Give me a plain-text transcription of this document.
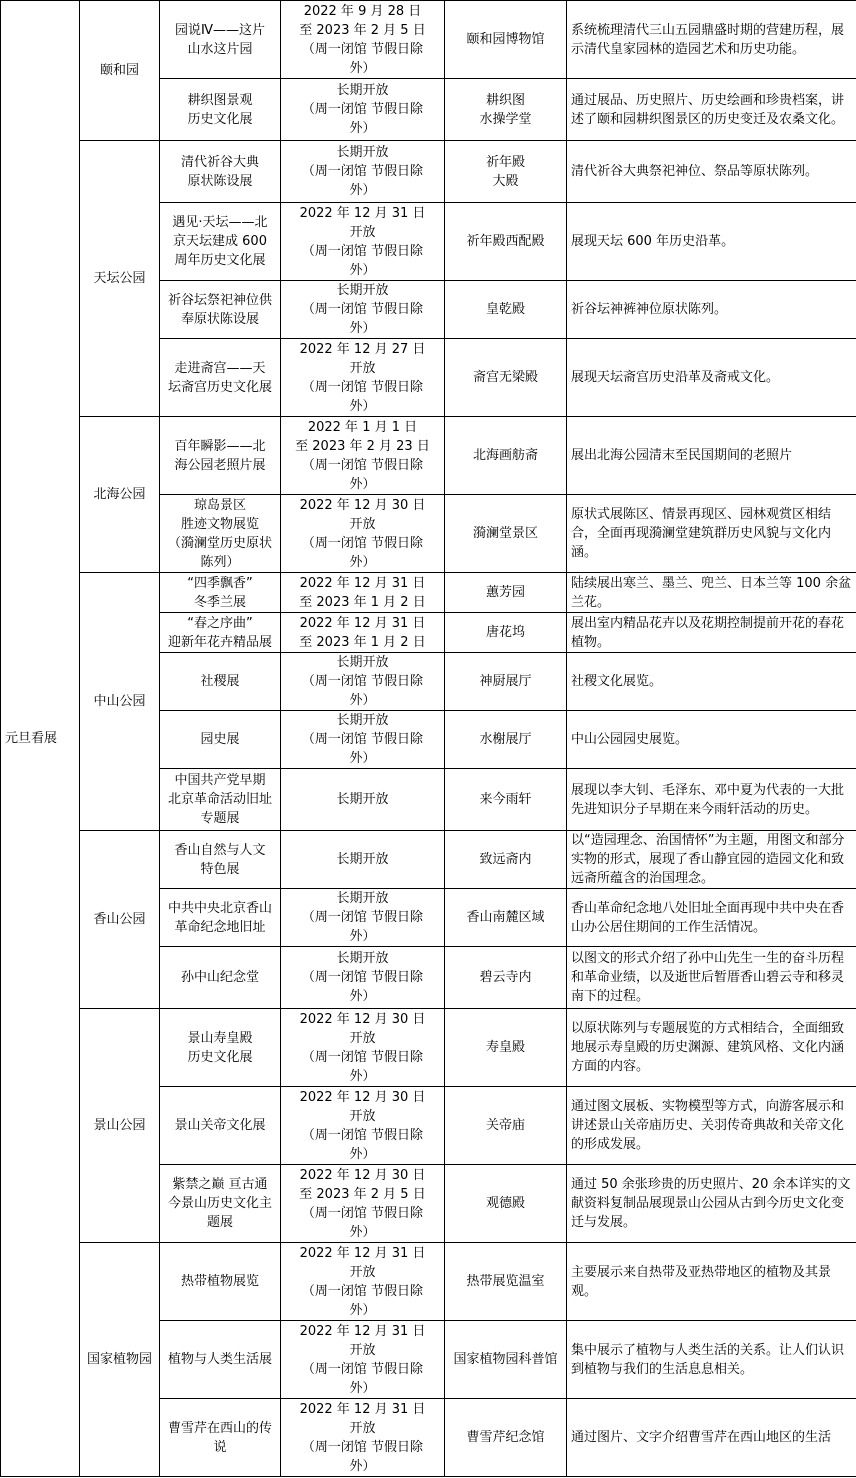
元旦看展	颐和园	园说Ⅳ——这片
山水这片园	2022 年 9 月 28 日
至 2023 年 2 月 5 日
（周一闭馆 节假日除
外）	颐和园博物馆	系统梳理清代三山五园鼎盛时期的营建历程，展示清代皇家园林的造园艺术和历史功能。

		耕织图景观
历史文化展	长期开放
（周一闭馆 节假日除
外）	耕织图
水操学堂	通过展品、历史照片、历史绘画和珍贵档案，讲述了颐和园耕织图景区的历史变迁及农桑文化。
	天坛公园	清代祈谷大典
原状陈设展	长期开放
（周一闭馆 节假日除
外）	祈年殿
大殿	清代祈谷大典祭祀神位、祭品等原状陈列。

		遇见·天坛——北
京天坛建成 600
周年历史文化展	2022 年 12 月 31 日
开放
（周一闭馆 节假日除
外）	祈年殿西配殿	展现天坛 600 年历史沿革。

		祈谷坛祭祀神位供
奉原状陈设展	长期开放
（周一闭馆 节假日除
外）	皇乾殿	祈谷坛神裤神位原状陈列。

		走进斋宫——天
坛斋宫历史文化展	2022 年 12 月 27 日
开放
（周一闭馆 节假日除
外）	斋宫无梁殿	展现天坛斋宫历史沿革及斋戒文化。
	北海公园	百年瞬影——北
海公园老照片展	2022 年 1 月 1 日
至 2023 年 2 月 23 日
（周一闭馆 节假日除
外）	北海画舫斋	展出北海公园清末至民国期间的老照片

		琼岛景区
胜迹文物展览
（漪澜堂历史原状
陈列）	2022 年 12 月 30 日
开放
（周一闭馆 节假日除
外）	漪澜堂景区	原状式展陈区、情景再现区、园林观赏区相结合，全面再现漪澜堂建筑群历史风貌与文化内涵。
	中山公园	“四季飘香”
冬季兰展	2022 年 12 月 31 日
至 2023 年 1 月 2 日	蕙芳园	陆续展出寒兰、墨兰、兜兰、日本兰等 100 余盆兰花。

		“春之序曲”
迎新年花卉精品展	2022 年 12 月 31 日
至 2023 年 1 月 2 日	唐花坞	展出室内精品花卉以及花期控制提前开花的春花植物。

		社稷展	长期开放
（周一闭馆 节假日除
外）	神厨展厅	社稷文化展览。

		园史展	长期开放
（周一闭馆 节假日除
外）	水榭展厅	中山公园园史展览。

		中国共产党早期
北京革命活动旧址
专题展	长期开放	来今雨轩	展现以李大钊、毛泽东、邓中夏为代表的一大批先进知识分子早期在来今雨轩活动的历史。
	香山公园	香山自然与人文
特色展	长期开放	致远斋内	以“造园理念、治国情怀”为主题，用图文和部分实物的形式，展现了香山静宜园的造园文化和致远斋所蕴含的治国理念。

		中共中央北京香山
革命纪念地旧址	长期开放
（周一闭馆 节假日除
外）	香山南麓区域	香山革命纪念地八处旧址全面再现中共中央在香山办公居住期间的工作生活情况。

		孙中山纪念堂	长期开放
（周一闭馆 节假日除
外）	碧云寺内	以图文的形式介绍了孙中山先生一生的奋斗历程和革命业绩，以及逝世后暂厝香山碧云寺和移灵南下的过程。
	景山公园	景山寿皇殿
历史文化展	2022 年 12 月 30 日
开放
（周一闭馆 节假日除
外）	寿皇殿	以原状陈列与专题展览的方式相结合，全面细致地展示寿皇殿的历史渊源、建筑风格、文化内涵方面的内容。

		景山关帝文化展	2022 年 12 月 30 日
开放
（周一闭馆 节假日除
外）	关帝庙	通过图文展板、实物模型等方式，向游客展示和讲述景山关帝庙历史、关羽传奇典故和关帝文化的形成发展。

		紫禁之巅 亘古通
今景山历史文化主
题展	2022 年 12 月 30 日
至 2023 年 2 月 5 日
（周一闭馆 节假日除
外）	观德殿	通过 50 余张珍贵的历史照片、20 余本详实的文献资料复制品展现景山公园从古到今历史文化变迁与发展。
	国家植物园	热带植物展览	2022 年 12 月 31 日
开放
（周一闭馆 节假日除
外）	热带展览温室	主要展示来自热带及亚热带地区的植物及其景观。

		植物与人类生活展	2022 年 12 月 31 日
开放
（周一闭馆 节假日除
外）	国家植物园科普馆	集中展示了植物与人类生活的关系。让人们认识到植物与我们的生活息息相关。

		曹雪芹在西山的传
说	2022 年 12 月 31 日
开放
（周一闭馆 节假日除
外）	曹雪芹纪念馆	通过图片、文字介绍曹雪芹在西山地区的生活
